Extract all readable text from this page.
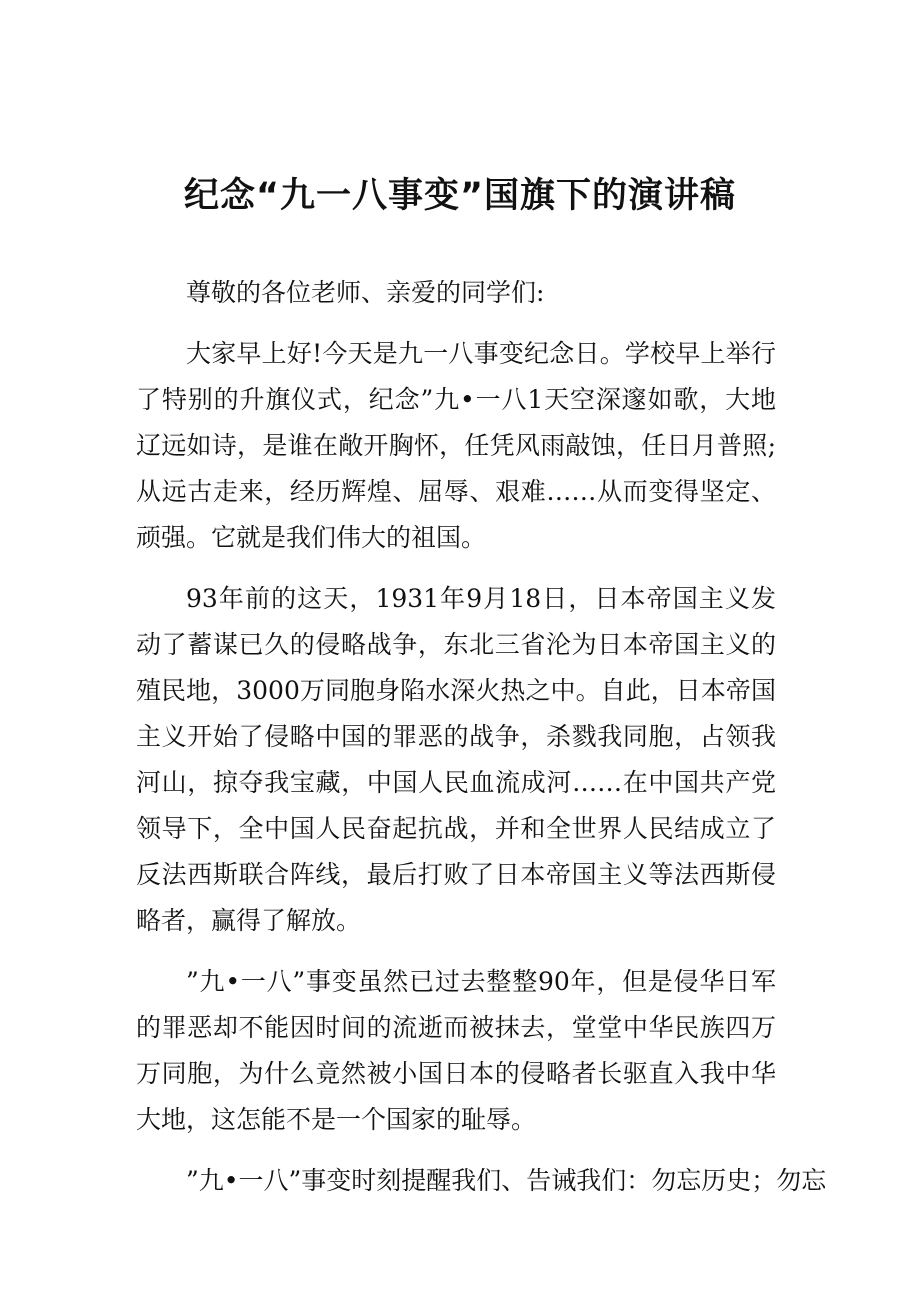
纪念“九一八事变”国旗下的演讲稿

尊敬的各位老师、亲爱的同学们:

大家早上好!今天是九一八事变纪念日。学校早上举行了特别的升旗仪式，纪念”九•一八1天空深邃如歌，大地辽远如诗，是谁在敞开胸怀，任凭风雨敲蚀，任日月普照;从远古走来，经历辉煌、屈辱、艰难……从而变得坚定、顽强。它就是我们伟大的祖国。

93年前的这天，1931年9月18日，日本帝国主义发动了蓄谋已久的侵略战争，东北三省沦为日本帝国主义的殖民地，3000万同胞身陷水深火热之中。自此，日本帝国主义开始了侵略中国的罪恶的战争，杀戮我同胞，占领我河山，掠夺我宝藏，中国人民血流成河……在中国共产党领导下，全中国人民奋起抗战，并和全世界人民结成立了反法西斯联合阵线，最后打败了日本帝国主义等法西斯侵略者，赢得了解放。

”九•一八”事变虽然已过去整整90年，但是侵华日军的罪恶却不能因时间的流逝而被抹去，堂堂中华民族四万万同胞，为什么竟然被小国日本的侵略者长驱直入我中华大地，这怎能不是一个国家的耻辱。

”九•一八”事变时刻提醒我们、告诫我们：勿忘历史；勿忘
